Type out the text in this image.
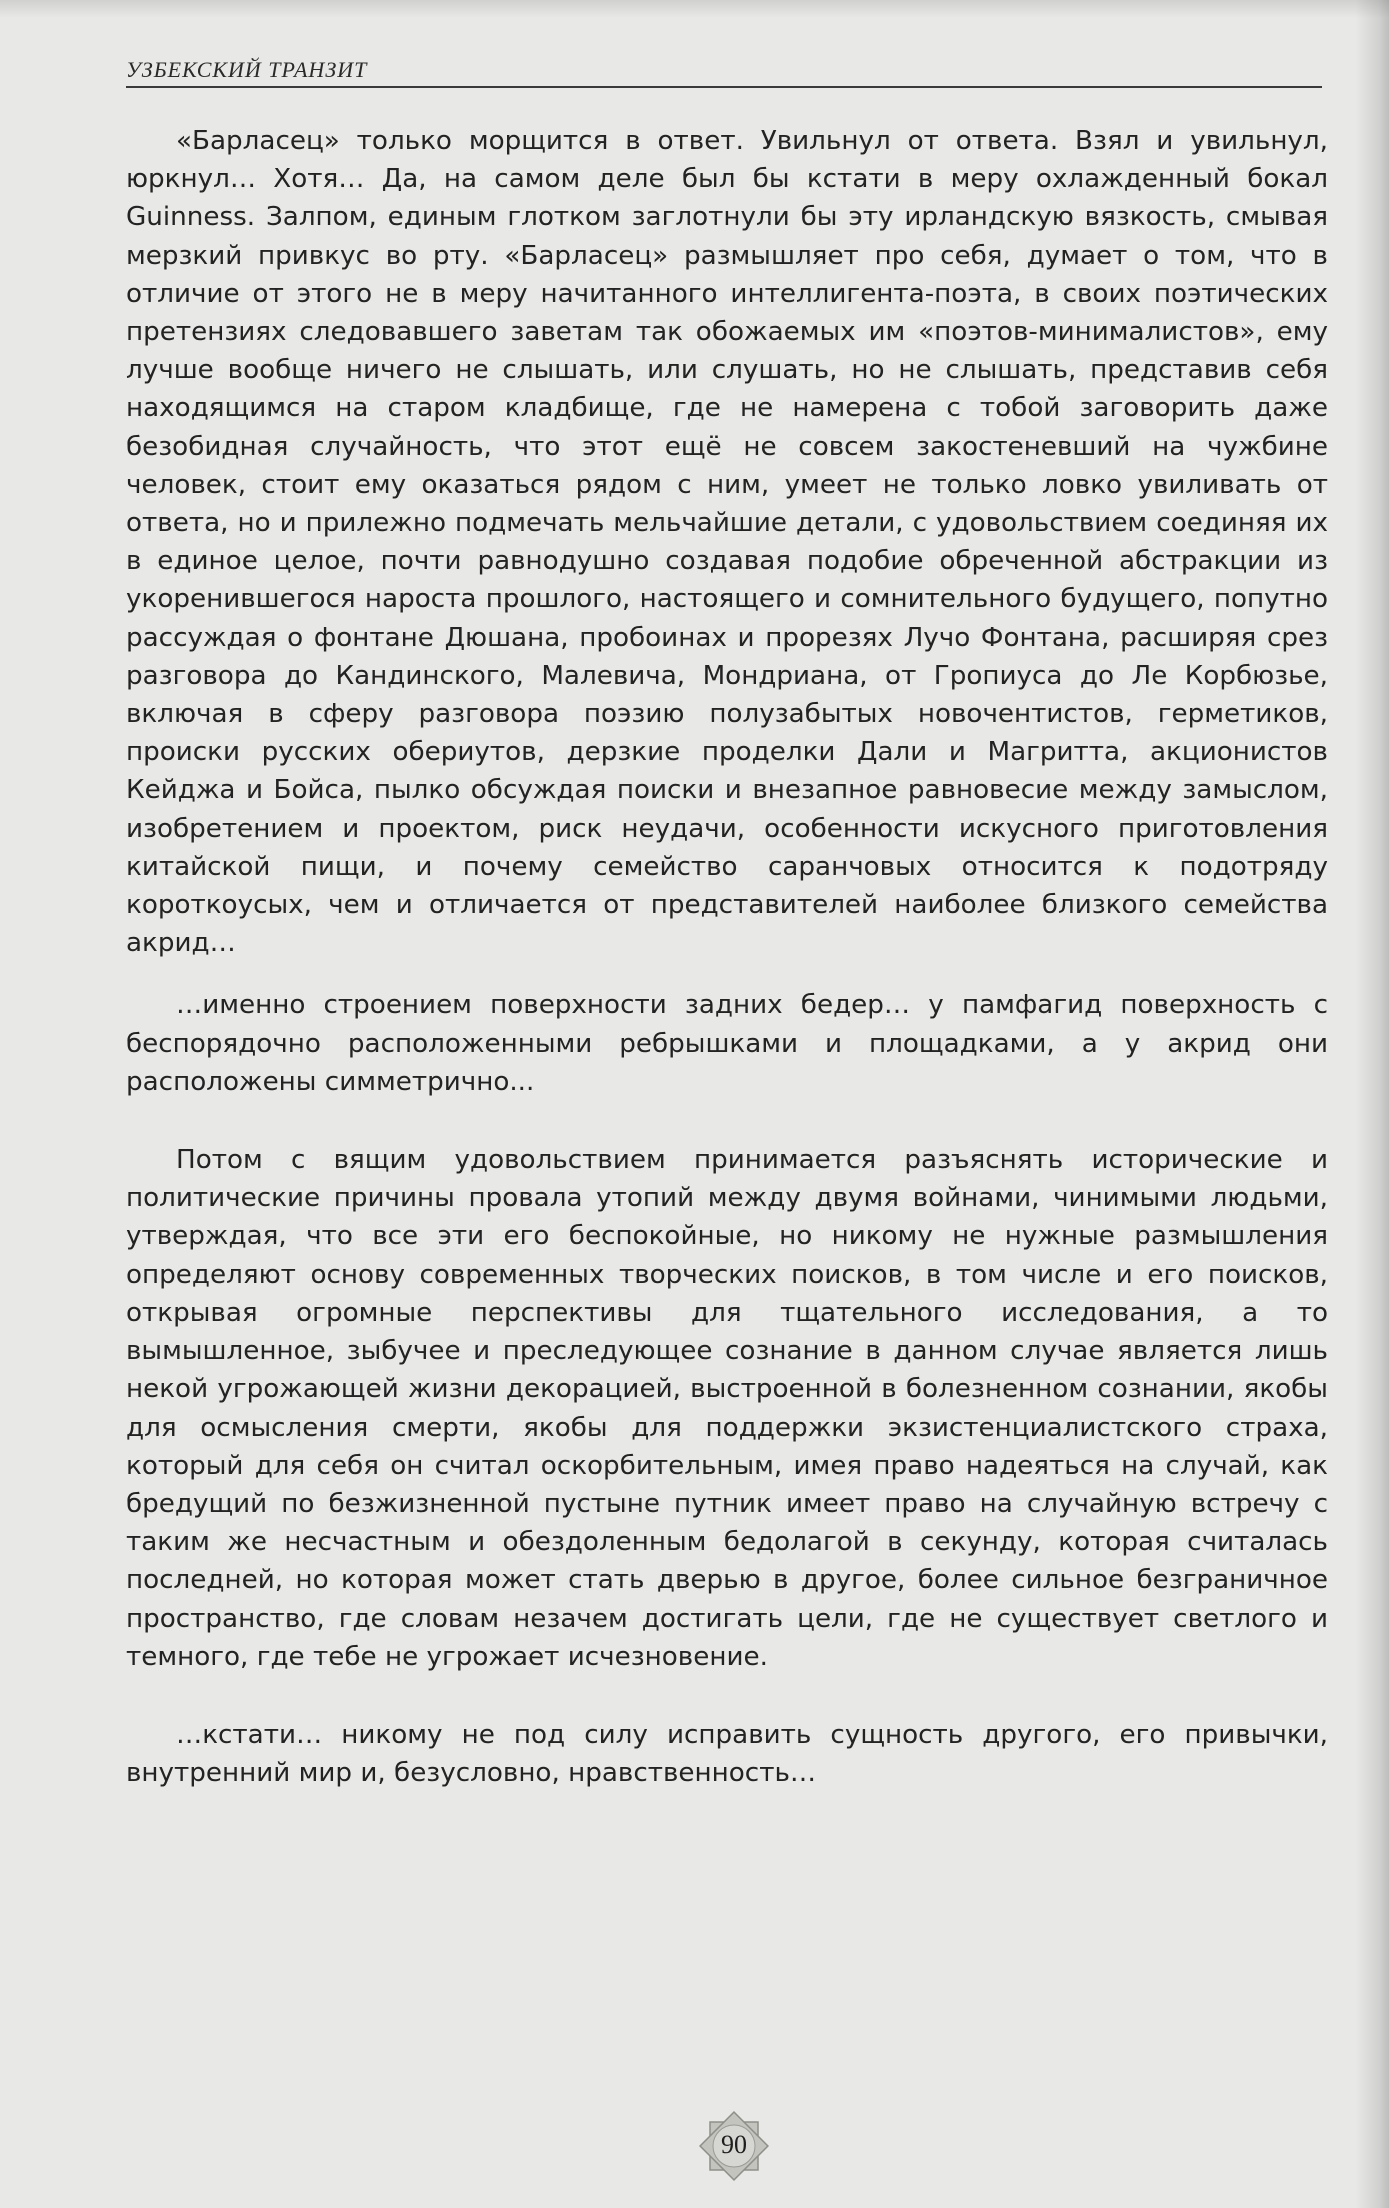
УЗБЕКСКИЙ ТРАНЗИТ

«Барласец» только морщится в ответ. Увильнул от ответа. Взял и увильнул, юркнул… Хотя… Да, на самом деле был бы кстати в меру охлажденный бокал Guinness. Залпом, единым глотком заглотнули бы эту ирландскую вязкость, смывая мерзкий привкус во рту. «Барласец» размышляет про себя, думает о том, что в отличие от этого не в меру начитанного интеллигента-поэта, в своих поэтических претензиях следовавшего заветам так обожаемых им «поэтов-минималистов», ему лучше вообще ничего не слышать, или слушать, но не слышать, представив себя находящимся на старом кладбище, где не намерена с тобой заговорить даже безобидная случайность, что этот ещё не совсем закостеневший на чужбине человек, стоит ему оказаться рядом с ним, умеет не только ловко увиливать от ответа, но и прилежно подмечать мельчайшие детали, с удовольствием соединяя их в единое целое, почти равнодушно создавая подобие обреченной абстракции из укоренившегося нароста прошлого, настоящего и сомнительного будущего, попутно рассуждая о фонтане Дюшана, пробоинах и прорезях Лучо Фонтана, расширяя срез разговора до Кандинского, Малевича, Мондриана, от Гропиуса до Ле Корбюзье, включая в сферу разговора поэзию полузабытых новочентистов, герметиков, происки русских обериутов, дерзкие проделки Дали и Магритта, акционистов Кейджа и Бойса, пылко обсуждая поиски и внезапное равновесие между замыслом, изобретением и проектом, риск неудачи, особенности искусного приготовления китайской пищи, и почему семейство саранчовых относится к подотряду короткоусых, чем и отличается от представителей наиболее близкого семейства акрид…

…именно строением поверхности задних бедер… у памфагид поверхность с беспорядочно расположенными ребрышками и площадками, а у акрид они расположены симметрично...

Потом с вящим удовольствием принимается разъяснять исторические и политические причины провала утопий между двумя войнами, чинимыми людьми, утверждая, что все эти его беспокойные, но никому не нужные размышления определяют основу современных творческих поисков, в том числе и его поисков, открывая огромные перспективы для тщательного исследования, а то вымышленное, зыбучее и преследующее сознание в данном случае является лишь некой угрожающей жизни декорацией, выстроенной в болезненном сознании, якобы для осмысления смерти, якобы для поддержки экзистенциалистского страха, который для себя он считал оскорбительным, имея право надеяться на случай, как бредущий по безжизненной пустыне путник имеет право на случайную встречу с таким же несчастным и обездоленным бедолагой в секунду, которая считалась последней, но которая может стать дверью в другое, более сильное безграничное пространство, где словам незачем достигать цели, где не существует светлого и темного, где тебе не угрожает исчезновение.

…кстати… никому не под силу исправить сущность другого, его привычки, внутренний мир и, безусловно, нравственность…

90
